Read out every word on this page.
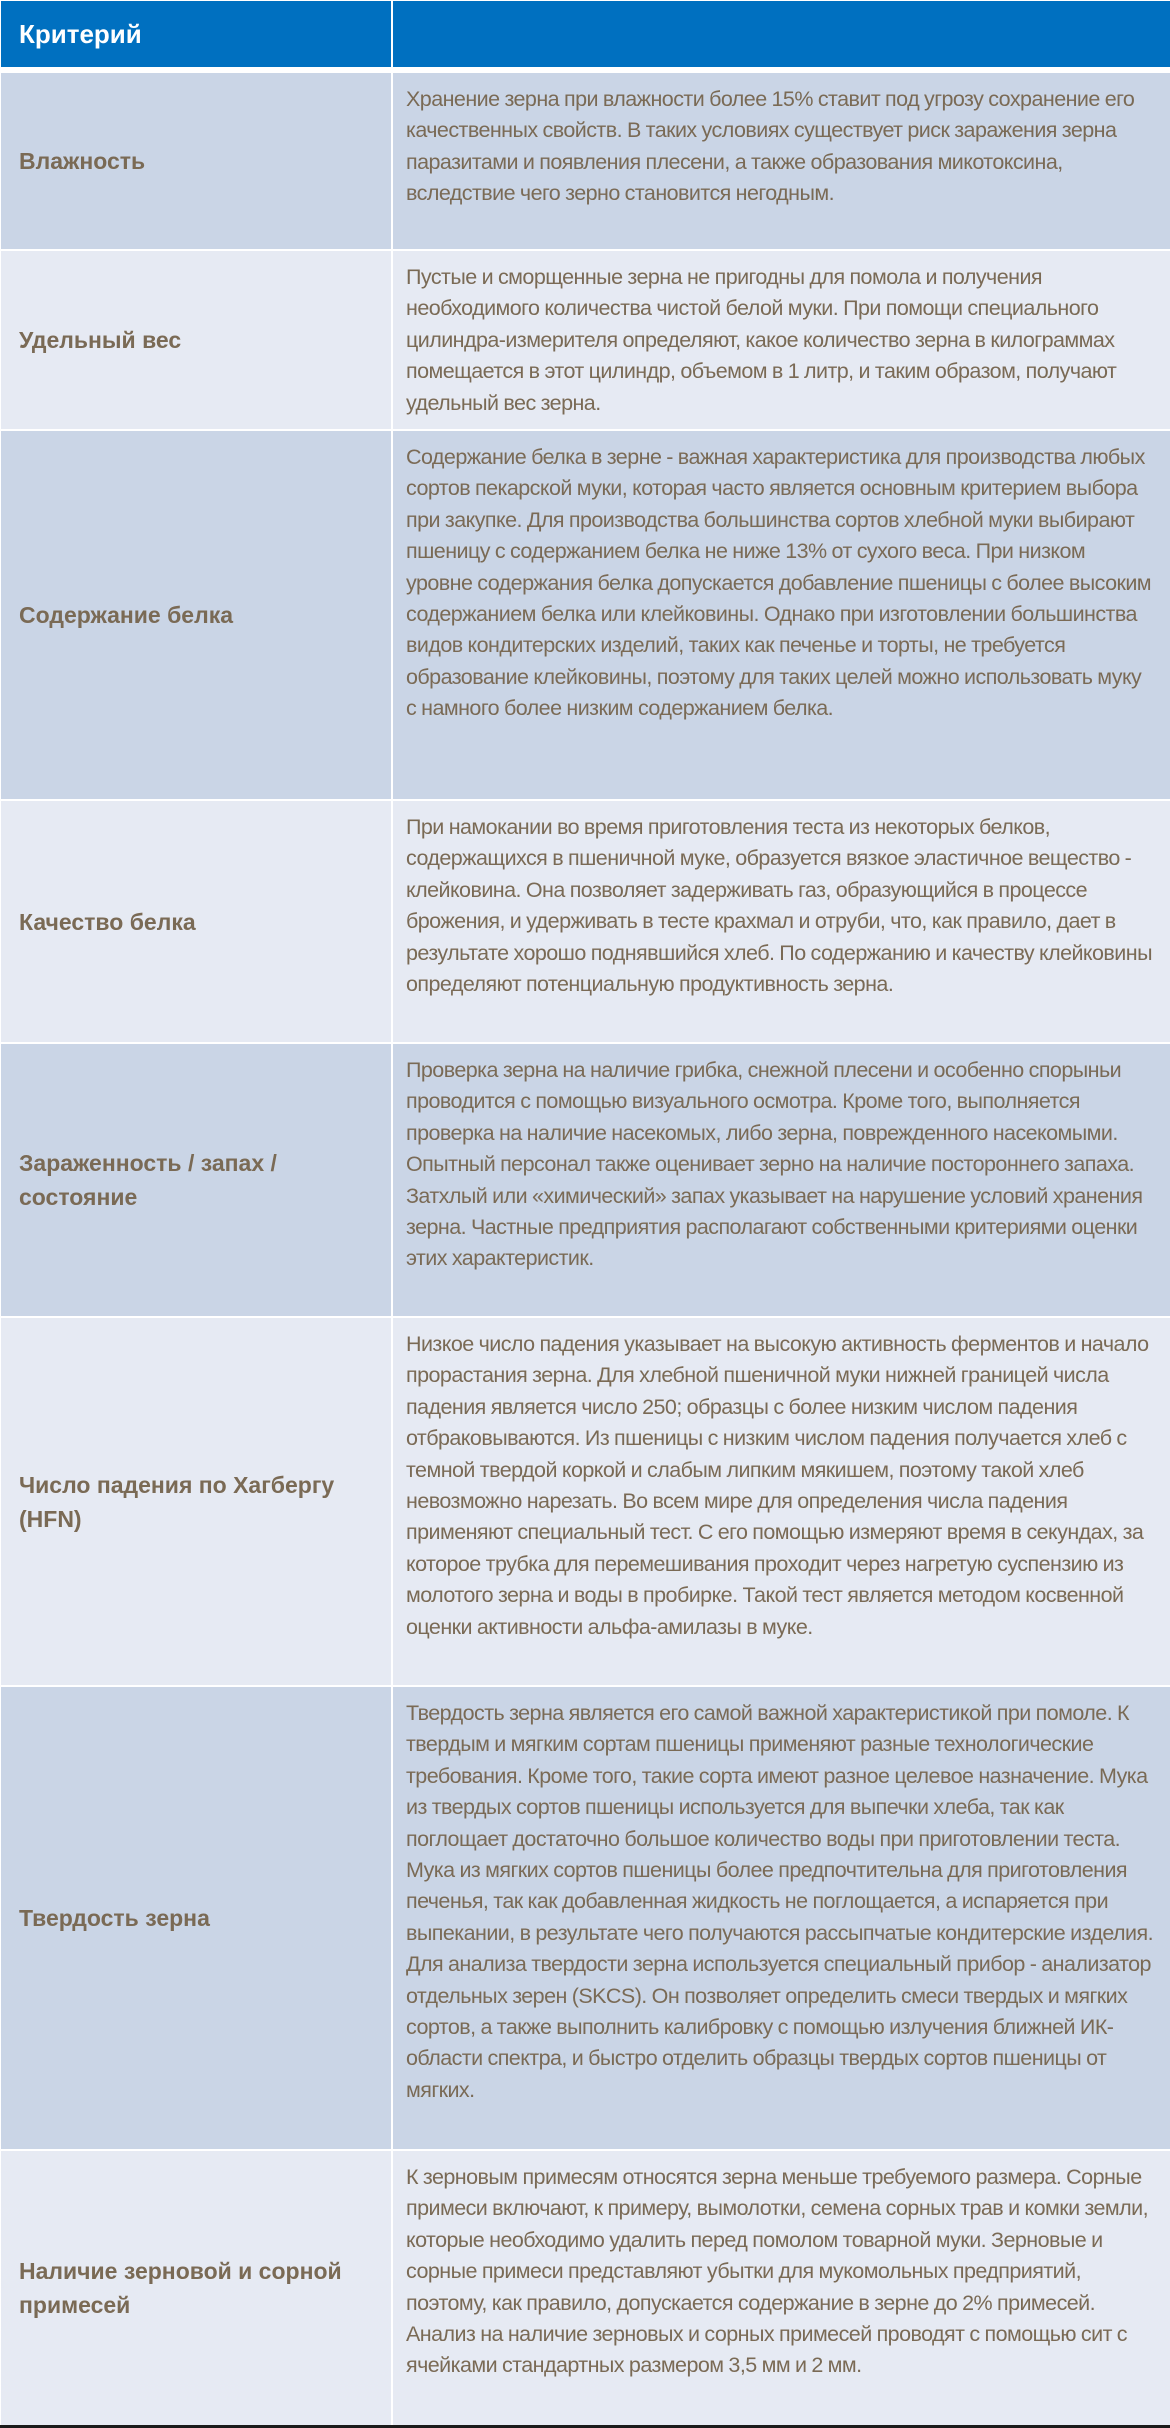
Критерий
Влажность
Хранение зерна при влажности более 15% ставит под угрозу сохранение его качественных свойств. В таких условиях существует риск заражения зерна паразитами и появления плесени, а также образования микотоксина, вследствие чего зерно становится негодным.
Удельный вес
Пустые и сморщенные зерна не пригодны для помола и получения необходимого количества чистой белой муки. При помощи специального цилиндра-измерителя определяют, какое количество зерна в килограммах помещается в этот цилиндр, объемом в 1 литр, и таким образом, получают удельный вес зерна.
Содержание белка
Содержание белка в зерне - важная характеристика для производства любых сортов пекарской муки, которая часто является основным критерием выбора при закупке. Для производства большинства сортов хлебной муки выбирают пшеницу с содержанием белка не ниже 13% от сухого веса. При низком уровне содержания белка допускается добавление пшеницы с более высоким содержанием белка или клейковины. Однако при изготовлении большинства видов кондитерских изделий, таких как печенье и торты, не требуется образование клейковины, поэтому для таких целей можно использовать муку с намного более низким содержанием белка.
Качество белка
При намокании во время приготовления теста из некоторых белков, содержащихся в пшеничной муке, образуется вязкое эластичное вещество - клейковина. Она позволяет задерживать газ, образующийся в процессе брожения, и удерживать в тесте крахмал и отруби, что, как правило, дает в результате хорошо поднявшийся хлеб. По содержанию и качеству клейковины определяют потенциальную продуктивность зерна.
Зараженность / запах / состояние
Проверка зерна на наличие грибка, снежной плесени и особенно спорыньи проводится с помощью визуального осмотра. Кроме того, выполняется проверка на наличие насекомых, либо зерна, поврежденного насекомыми. Опытный персонал также оценивает зерно на наличие постороннего запаха. Затхлый или «химический» запах указывает на нарушение условий хранения зерна. Частные предприятия располагают собственными критериями оценки этих характеристик.
Число падения по Хагбергу (HFN)
Низкое число падения указывает на высокую активность ферментов и начало прорастания зерна. Для хлебной пшеничной муки нижней границей числа падения является число 250; образцы с более низким числом падения отбраковываются. Из пшеницы с низким числом падения получается хлеб с темной твердой коркой и слабым липким мякишем, поэтому такой хлеб невозможно нарезать. Во всем мире для определения числа падения применяют специальный тест. С его помощью измеряют время в секундах, за которое трубка для перемешивания проходит через нагретую суспензию из молотого зерна и воды в пробирке. Такой тест является методом косвенной оценки активности альфа-амилазы в муке.
Твердость зерна
Твердость зерна является его самой важной характеристикой при помоле. К твердым и мягким сортам пшеницы применяют разные технологические требования. Кроме того, такие сорта имеют разное целевое назначение. Мука из твердых сортов пшеницы используется для выпечки хлеба, так как поглощает достаточно большое количество воды при приготовлении теста. Мука из мягких сортов пшеницы более предпочтительна для приготовления печенья, так как добавленная жидкость не поглощается, а испаряется при выпекании, в результате чего получаются рассыпчатые кондитерские изделия. Для анализа твердости зерна используется специальный прибор - анализатор отдельных зерен (SKCS). Он позволяет определить смеси твердых и мягких сортов, а также выполнить калибровку с помощью излучения ближней ИК-области спектра, и быстро отделить образцы твердых сортов пшеницы от мягких.
Наличие зерновой и сорной примесей
К зерновым примесям относятся зерна меньше требуемого размера. Сорные примеси включают, к примеру, вымолотки, семена сорных трав и комки земли, которые необходимо удалить перед помолом товарной муки. Зерновые и сорные примеси представляют убытки для мукомольных предприятий, поэтому, как правило, допускается содержание в зерне до 2% примесей. Анализ на наличие зерновых и сорных примесей проводят с помощью сит с ячейками стандартных размером 3,5 мм и 2 мм.
